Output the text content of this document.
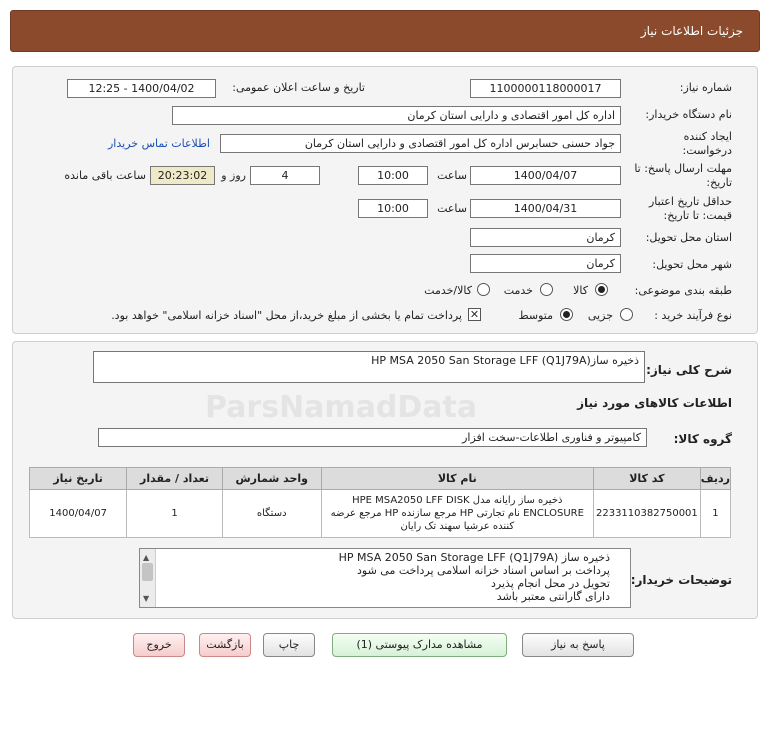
جزئیات اطلاعات نیاز
شماره نیاز:
1100000118000017
تاریخ و ساعت اعلان عمومی:
1400/04/02 - 12:25
نام دستگاه خریدار:
اداره کل امور اقتصادی و دارایی استان کرمان
ایجاد کننده درخواست:
جواد حسنی حسابرس اداره کل امور اقتصادی و دارایی استان کرمان
اطلاعات تماس خریدار
مهلت ارسال پاسخ: تا تاریخ:
1400/04/07
ساعت
10:00
4
روز و
20:23:02
ساعت باقی مانده
حداقل تاریخ اعتبار قیمت: تا تاریخ:
1400/04/31
ساعت
10:00
استان محل تحویل:
کرمان
شهر محل تحویل:
کرمان
طبقه بندی موضوعی:
کالا
خدمت
کالا/خدمت
نوع فرآیند خرید :
جزیی
متوسط
✕
پرداخت تمام یا بخشی از مبلغ خرید،از محل "اسناد خزانه اسلامی" خواهد بود.
شرح کلی نیاز:
ذخیره سازHP MSA 2050 San Storage LFF (Q1J79A)
اطلاعات کالاهای مورد نیاز
گروه کالا:
کامپیوتر و فناوری اطلاعات-سخت افزار
ردیف	کد کالا	نام کالا	واحد شمارش	تعداد / مقدار	تاریخ نیاز
1	2233110382750001	ذخیره ساز رایانه مدل HPE MSA2050 LFF DISK ENCLOSURE نام تجارتی HP مرجع سازنده HP مرجع عرضه کننده عرشیا سهند تک رایان	دستگاه	1	1400/04/07
توضیحات خریدار:
ذخیره ساز HP MSA 2050 San Storage LFF (Q1J79A)
پرداخت بر اساس اسناد خزانه اسلامی پرداخت می شود
تحویل در محل انجام پذیرد
دارای گارانتی معتبر باشد
▲
▼
پاسخ به نیاز
مشاهده مدارک پیوستی (1)
چاپ
بازگشت
خروج
